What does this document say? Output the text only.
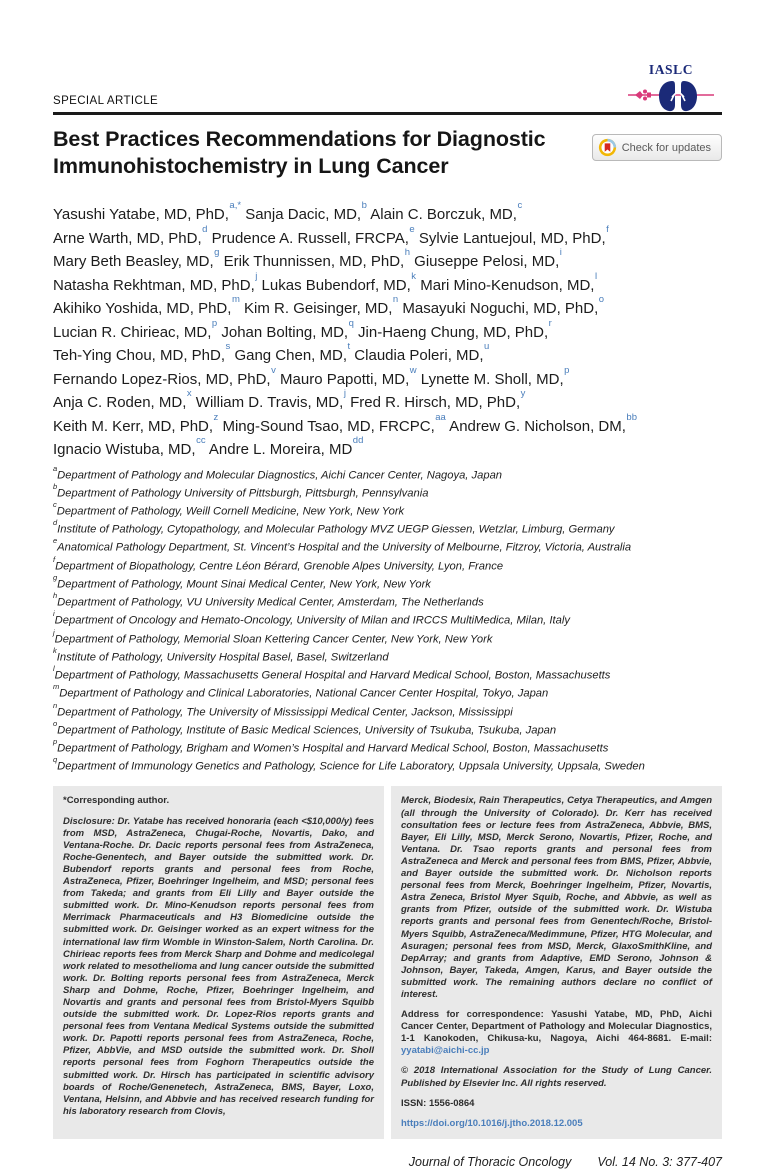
SPECIAL ARTICLE
IASLC
Best Practices Recommendations for Diagnostic
Immunohistochemistry in Lung Cancer
Check for updates
Yasushi Yatabe, MD, PhD,$^{a,*}$ Sanja Dacic, MD,$^b$ Alain C. Borczuk, MD,$^c$
Arne Warth, MD, PhD,$^d$ Prudence A. Russell, FRCPA,$^e$ Sylvie Lantuejoul, MD, PhD,$^f$
Mary Beth Beasley, MD,$^g$ Erik Thunnissen, MD, PhD,$^h$ Giuseppe Pelosi, MD,$^i$
Natasha Rekhtman, MD, PhD,$^j$ Lukas Bubendorf, MD,$^k$ Mari Mino-Kenudson, MD,$^l$
Akihiko Yoshida, MD, PhD,$^m$ Kim R. Geisinger, MD,$^n$ Masayuki Noguchi, MD, PhD,$^o$
Lucian R. Chirieac, MD,$^p$ Johan Bolting, MD,$^q$ Jin-Haeng Chung, MD, PhD,$^r$
Teh-Ying Chou, MD, PhD,$^s$ Gang Chen, MD,$^t$ Claudia Poleri, MD,$^u$
Fernando Lopez-Rios, MD, PhD,$^v$ Mauro Papotti, MD,$^w$ Lynette M. Sholl, MD,$^p$
Anja C. Roden, MD,$^x$ William D. Travis, MD,$^j$ Fred R. Hirsch, MD, PhD,$^y$
Keith M. Kerr, MD, PhD,$^z$ Ming-Sound Tsao, MD, FRCPC,$^{aa}$ Andrew G. Nicholson, DM,$^{bb}$
Ignacio Wistuba, MD,$^{cc}$ Andre L. Moreira, MD$^{dd}$
$^a$Department of Pathology and Molecular Diagnostics, Aichi Cancer Center, Nagoya, Japan
$^b$Department of Pathology University of Pittsburgh, Pittsburgh, Pennsylvania
$^c$Department of Pathology, Weill Cornell Medicine, New York, New York
$^d$Institute of Pathology, Cytopathology, and Molecular Pathology MVZ UEGP Giessen, Wetzlar, Limburg, Germany
$^e$Anatomical Pathology Department, St. Vincent’s Hospital and the University of Melbourne, Fitzroy, Victoria, Australia
$^f$Department of Biopathology, Centre Léon Bérard, Grenoble Alpes University, Lyon, France
$^g$Department of Pathology, Mount Sinai Medical Center, New York, New York
$^h$Department of Pathology, VU University Medical Center, Amsterdam, The Netherlands
$^i$Department of Oncology and Hemato-Oncology, University of Milan and IRCCS MultiMedica, Milan, Italy
$^j$Department of Pathology, Memorial Sloan Kettering Cancer Center, New York, New York
$^k$Institute of Pathology, University Hospital Basel, Basel, Switzerland
$^l$Department of Pathology, Massachusetts General Hospital and Harvard Medical School, Boston, Massachusetts
$^m$Department of Pathology and Clinical Laboratories, National Cancer Center Hospital, Tokyo, Japan
$^n$Department of Pathology, The University of Mississippi Medical Center, Jackson, Mississippi
$^o$Department of Pathology, Institute of Basic Medical Sciences, University of Tsukuba, Tsukuba, Japan
$^p$Department of Pathology, Brigham and Women’s Hospital and Harvard Medical School, Boston, Massachusetts
$^q$Department of Immunology Genetics and Pathology, Science for Life Laboratory, Uppsala University, Uppsala, Sweden

*Corresponding author.

Disclosure: Dr. Yatabe has received honoraria (each <$10,000/y) fees from MSD, AstraZeneca, Chugai-Roche, Novartis, Dako, and Ventana-Roche. Dr. Dacic reports personal fees from AstraZeneca, Roche-Genentech, and Bayer outside the submitted work. Dr. Bubendorf reports grants and personal fees from Roche, AstraZeneca, Pfizer, Boehringer Ingelheim, and MSD; personal fees from Takeda; and grants from Eli Lilly and Bayer outside the submitted work. Dr. Mino-Kenudson reports personal fees from Merrimack Pharmaceuticals and H3 Biomedicine outside the submitted work. Dr. Geisinger worked as an expert witness for the international law firm Womble in Winston-Salem, North Carolina. Dr. Chirieac reports fees from Merck Sharp and Dohme and medicolegal work related to mesothelioma and lung cancer outside the submitted work. Dr. Bolting reports personal fees from AstraZeneca, Merck Sharp and Dohme, Roche, Pfizer, Boehringer Ingelheim, and Novartis and grants and personal fees from Bristol-Myers Squibb outside the submitted work. Dr. Lopez-Rios reports grants and personal fees from Ventana Medical Systems outside the submitted work. Dr. Papotti reports personal fees from AstraZeneca, Roche, Pfizer, AbbVie, and MSD outside the submitted work. Dr. Sholl reports personal fees from Foghorn Therapeutics outside the submitted work. Dr. Hirsch has participated in scientific advisory boards of Roche/Genenetech, AstraZeneca, BMS, Bayer, Loxo, Ventana, Helsinn, and Abbvie and has received research funding for his laboratory research from Clovis,

Merck, Biodesix, Rain Therapeutics, Cetya Therapeutics, and Amgen (all through the University of Colorado). Dr. Kerr has received consultation fees or lecture fees from AstraZeneca, Abbvie, BMS, Bayer, Eli Lilly, MSD, Merck Serono, Novartis, Pfizer, Roche, and Ventana. Dr. Tsao reports grants and personal fees from AstraZeneca and Merck and personal fees from BMS, Pfizer, Abbvie, and Bayer outside the submitted work. Dr. Nicholson reports personal fees from Merck, Boehringer Ingelheim, Pfizer, Novartis, Astra Zeneca, Bristol Myer Squib, Roche, and Abbvie, as well as grants from Pfizer, outside of the submitted work. Dr. Wistuba reports grants and personal fees from Genentech/Roche, Bristol-Myers Squibb, AstraZeneca/Medimmune, Pfizer, HTG Molecular, and Asuragen; personal fees from MSD, Merck, GlaxoSmithKline, and DepArray; and grants from Adaptive, EMD Serono, Johnson & Johnson, Bayer, Takeda, Amgen, Karus, and Bayer outside the submitted work. The remaining authors declare no conflict of interest.

Address for correspondence: Yasushi Yatabe, MD, PhD, Aichi Cancer Center, Department of Pathology and Molecular Diagnostics, 1-1 Kanokoden, Chikusa-ku, Nagoya, Aichi 464-8681. E-mail: yyatabi@aichi-cc.jp

© 2018 International Association for the Study of Lung Cancer. Published by Elsevier Inc. All rights reserved.

ISSN: 1556-0864

https://doi.org/10.1016/j.jtho.2018.12.005

Journal of Thoracic Oncology Vol. 14 No. 3: 377-407
